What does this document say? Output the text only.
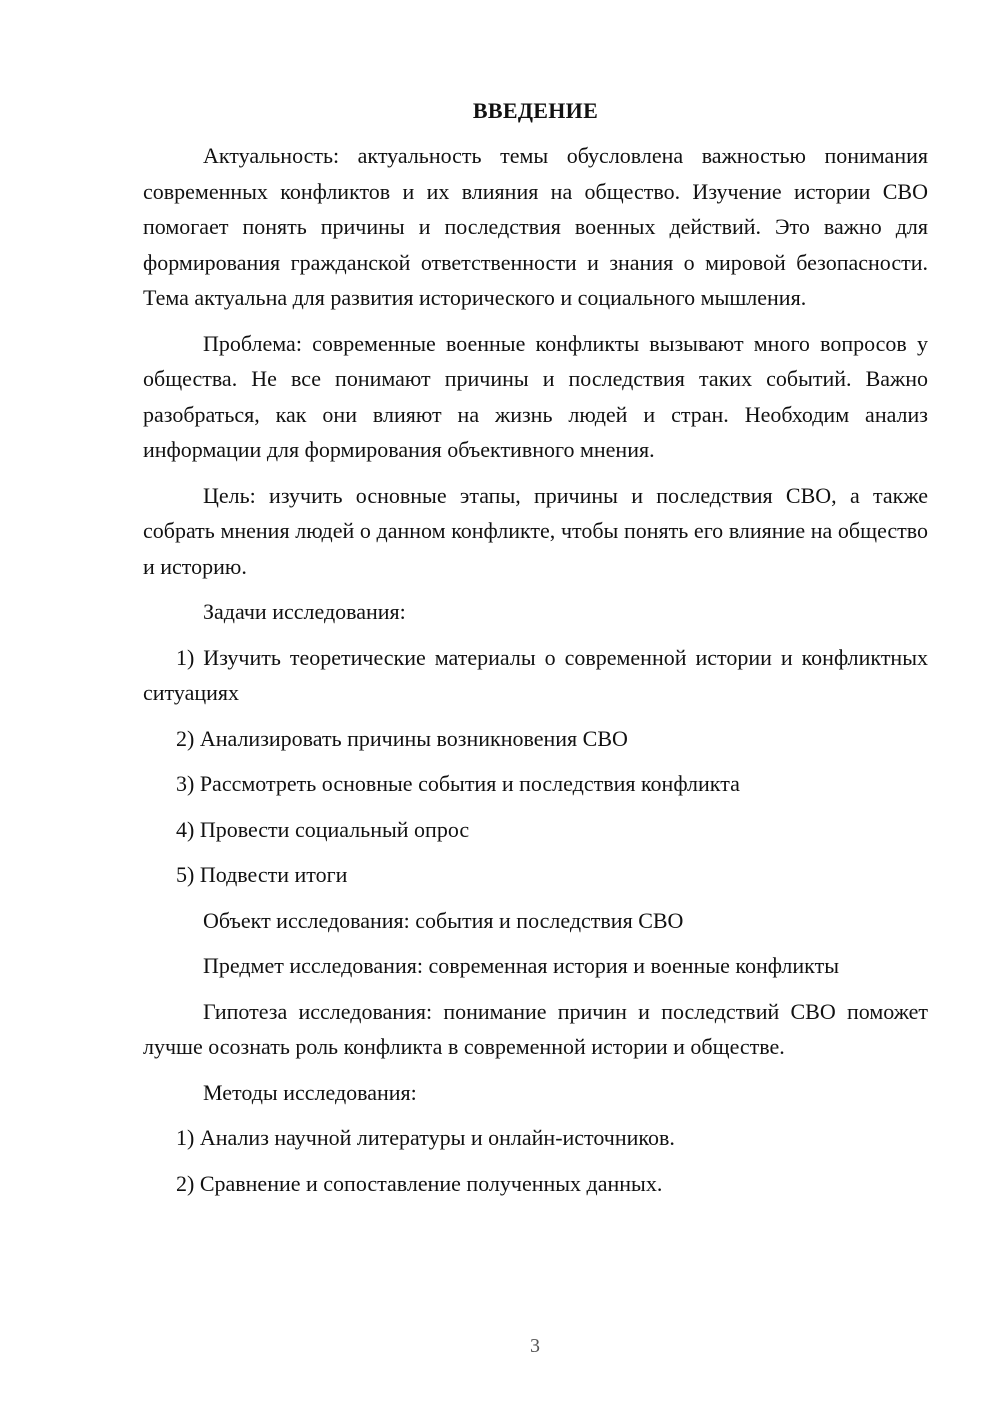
ВВЕДЕНИЕ

Актуальность: актуальность темы обусловлена важностью понимания современных конфликтов и их влияния на общество. Изучение истории СВО помогает понять причины и последствия военных действий. Это важно для формирования гражданской ответственности и знания о мировой безопасности. Тема актуальна для развития исторического и социального мышления.

Проблема: современные военные конфликты вызывают много вопросов у общества. Не все понимают причины и последствия таких событий. Важно разобраться, как они влияют на жизнь людей и стран. Необходим анализ информации для формирования объективного мнения.

Цель: изучить основные этапы, причины и последствия СВО, а также собрать мнения людей о данном конфликте, чтобы понять его влияние на общество и историю.

Задачи исследования:

1) Изучить теоретические материалы о современной истории и конфликтных ситуациях

2) Анализировать причины возникновения СВО

3) Рассмотреть основные события и последствия конфликта

4) Провести социальный опрос

5) Подвести итоги

Объект исследования: события и последствия СВО

Предмет исследования: современная история и военные конфликты

Гипотеза исследования: понимание причин и последствий СВО поможет лучше осознать роль конфликта в современной истории и обществе.

Методы исследования:

1) Анализ научной литературы и онлайн-источников.

2) Сравнение и сопоставление полученных данных.

3
